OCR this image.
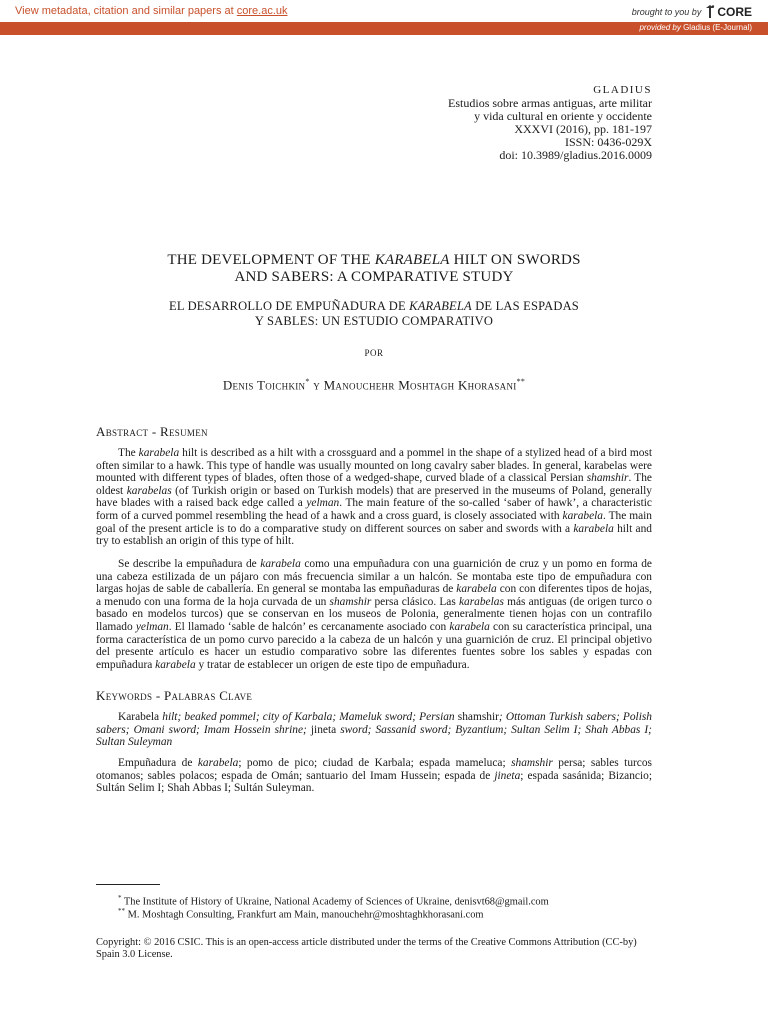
View metadata, citation and similar papers at core.ac.uk	brought to you by CORE
provided by Gladius (E-Journal)
GLADIUS
Estudios sobre armas antiguas, arte militar
y vida cultural en oriente y occidente
XXXVI (2016), pp. 181-197
ISSN: 0436-029X
doi: 10.3989/gladius.2016.0009
THE DEVELOPMENT OF THE KARABELA HILT ON SWORDS
AND SABERS: A COMPARATIVE STUDY
EL DESARROLLO DE EMPUÑADURA DE KARABELA DE LAS ESPADAS
Y SABLES: UN ESTUDIO COMPARATIVO
POR
Denis Toichkin* y Manouchehr Moshtagh Khorasani**
Abstract - Resumen

The karabela hilt is described as a hilt with a crossguard and a pommel in the shape of a stylized head of a bird most often similar to a hawk. This type of handle was usually mounted on long cavalry saber blades. In general, karabelas were mounted with different types of blades, often those of a wedged-shape, curved blade of a classical Persian shamshir. The oldest karabelas (of Turkish origin or based on Turkish models) that are preserved in the museums of Poland, generally have blades with a raised back edge called a yelman. The main feature of the so-called ‘saber of hawk’, a characteristic form of a curved pommel resembling the head of a hawk and a cross guard, is closely associated with karabela. The main goal of the present article is to do a comparative study on different sources on saber and swords with a karabela hilt and try to establish an origin of this type of hilt.

Se describe la empuñadura de karabela como una empuñadura con una guarnición de cruz y un pomo en forma de una cabeza estilizada de un pájaro con más frecuencia similar a un halcón. Se montaba este tipo de empuñadura con largas hojas de sable de caballería. En general se montaba las empuñaduras de karabela con con diferentes tipos de hojas, a menudo con una forma de la hoja curvada de un shamshir persa clásico. Las karabelas más antiguas (de origen turco o basado en modelos turcos) que se conservan en los museos de Polonia, generalmente tienen hojas con un contrafilo llamado yelman. El llamado ‘sable de halcón’ es cercanamente asociado con karabela con su característica principal, una forma característica de un pomo curvo parecido a la cabeza de un halcón y una guarnición de cruz. El principal objetivo del presente artículo es hacer un estudio comparativo sobre las diferentes fuentes sobre los sables y espadas con empuñadura karabela y tratar de establecer un origen de este tipo de empuñadura.

Keywords - Palabras Clave

Karabela hilt; beaked pommel; city of Karbala; Mameluk sword; Persian shamshir; Ottoman Turkish sabers; Polish sabers; Omani sword; Imam Hossein shrine; jineta sword; Sassanid sword; Byzantium; Sultan Selim I; Shah Abbas I; Sultan Suleyman

Empuñadura de karabela; pomo de pico; ciudad de Karbala; espada mameluca; shamshir persa; sables turcos otomanos; sables polacos; espada de Omán; santuario del Imam Hussein; espada de jineta; espada sasánida; Bizancio; Sultán Selim I; Shah Abbas I; Sultán Suleyman.

* The Institute of History of Ukraine, National Academy of Sciences of Ukraine, denisvt68@gmail.com
** M. Moshtagh Consulting, Frankfurt am Main, manouchehr@moshtaghkhorasani.com
Copyright: © 2016 CSIC. This is an open-access article distributed under the terms of the Creative Commons Attribution (CC-by) Spain 3.0 License.
